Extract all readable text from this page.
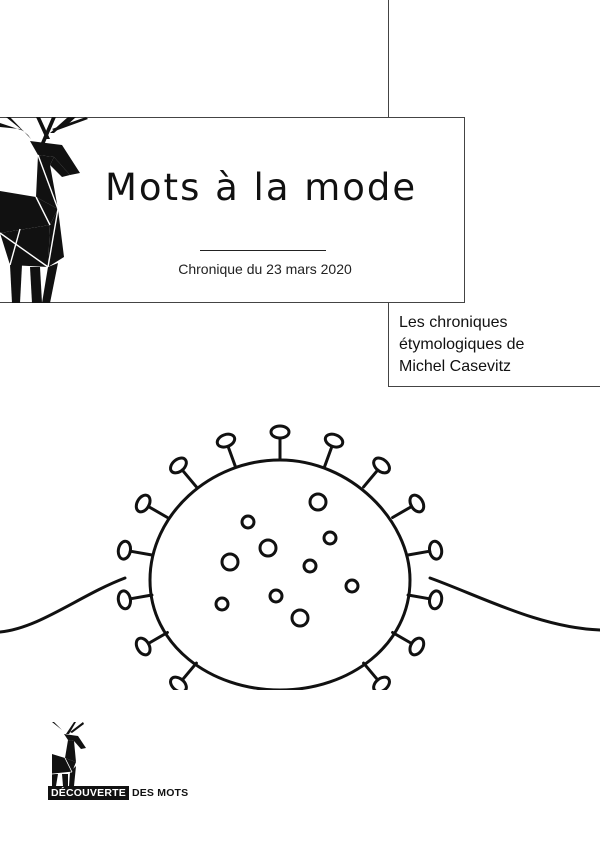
Mots à la mode
Chronique du 23 mars 2020
Les chroniques
étymologiques de
Michel Casevitz
DÉCOUVERTE DES MOTS
